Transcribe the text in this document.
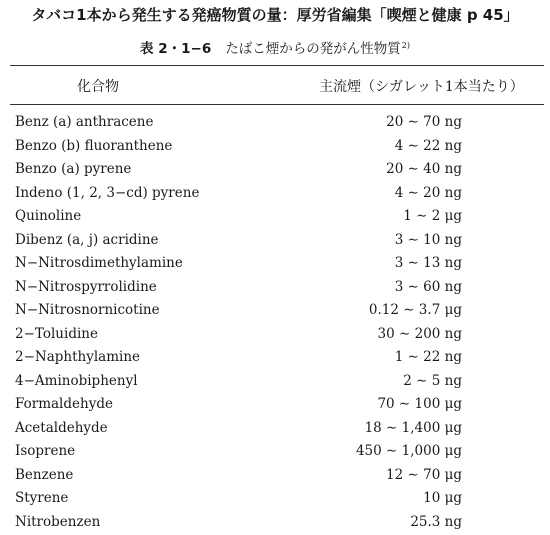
タバコ1本から発生する発癌物質の量：厚労省編集「喫煙と健康 p 45」
表 2・1−6 たばこ煙からの発がん性物質$^{2)}$
化合物	主流煙（シガレット1本当たり）
Benz (a) anthracene	20 ∼ 70 ng
Benzo (b) fluoranthene	4 ∼ 22 ng
Benzo (a) pyrene	20 ∼ 40 ng
Indeno (1, 2, 3−cd) pyrene	4 ∼ 20 ng
Quinoline	1 ∼ 2 μg
Dibenz (a, j) acridine	3 ∼ 10 ng
N−Nitrosdimethylamine	3 ∼ 13 ng
N−Nitrospyrrolidine	3 ∼ 60 ng
N−Nitrosnornicotine	0.12 ∼ 3.7 μg
2−Toluidine	30 ∼ 200 ng
2−Naphthylamine	1 ∼ 22 ng
4−Aminobiphenyl	2 ∼ 5 ng
Formaldehyde	70 ∼ 100 μg
Acetaldehyde	18 ∼ 1,400 μg
Isoprene	450 ∼ 1,000 μg
Benzene	12 ∼ 70 μg
Styrene	10 μg
Nitrobenzen	25.3 ng
